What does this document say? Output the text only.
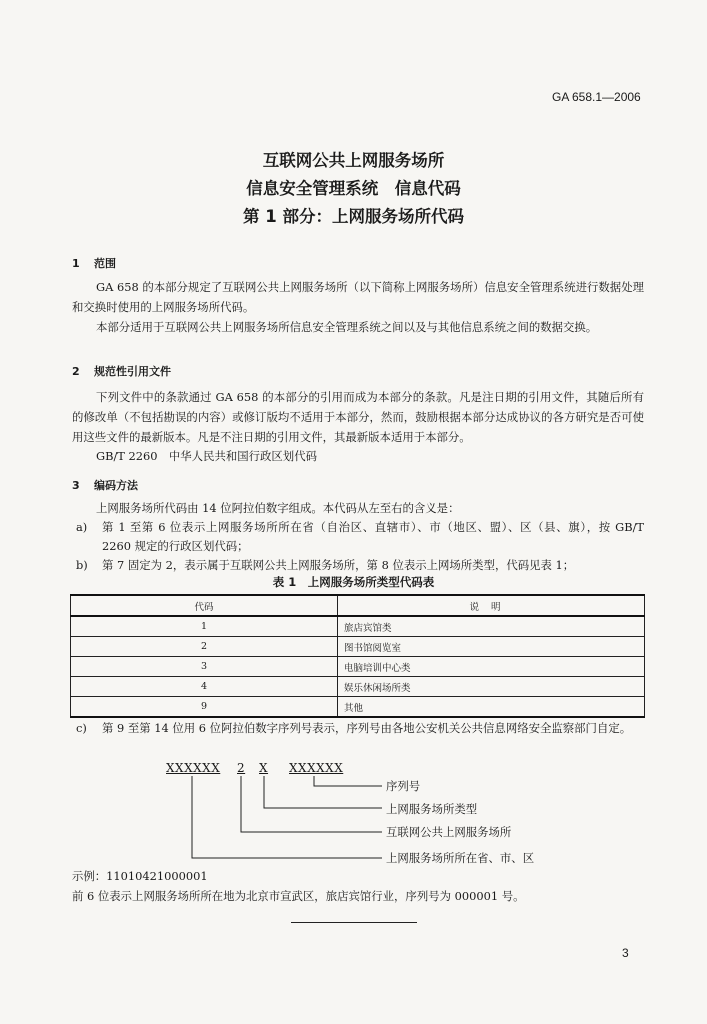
GA 658.1—2006
互联网公共上网服务场所
信息安全管理系统　信息代码
第 1 部分：上网服务场所代码
1 范围
GA 658 的本部分规定了互联网公共上网服务场所（以下简称上网服务场所）信息安全管理系统进行数据处理和交换时使用的上网服务场所代码。
本部分适用于互联网公共上网服务场所信息安全管理系统之间以及与其他信息系统之间的数据交换。
2 规范性引用文件
下列文件中的条款通过 GA 658 的本部分的引用而成为本部分的条款。凡是注日期的引用文件，其随后所有的修改单（不包括勘误的内容）或修订版均不适用于本部分，然而，鼓励根据本部分达成协议的各方研究是否可使用这些文件的最新版本。凡是不注日期的引用文件，其最新版本适用于本部分。
GB/T 2260　中华人民共和国行政区划代码
3 编码方法
上网服务场所代码由 14 位阿拉伯数字组成。本代码从左至右的含义是：
a) 第 1 至第 6 位表示上网服务场所所在省（自治区、直辖市）、市（地区、盟）、区（县、旗），按 GB/T 2260 规定的行政区划代码；
b) 第 7 固定为 2，表示属于互联网公共上网服务场所，第 8 位表示上网场所类型，代码见表 1；
表 1　上网服务场所类型代码表
代码	说明
1	旅店宾馆类
2	图书馆阅览室
3	电脑培训中心类
4	娱乐休闲场所类
9	其他
c) 第 9 至第 14 位用 6 位阿拉伯数字序列号表示，序列号由各地公安机关公共信息网络安全监察部门自定。
XXXXXX 2 X XXXXXX
序列号
上网服务场所类型
互联网公共上网服务场所
上网服务场所所在省、市、区
示例：11010421000001
前 6 位表示上网服务场所所在地为北京市宣武区，旅店宾馆行业，序列号为 000001 号。
3
